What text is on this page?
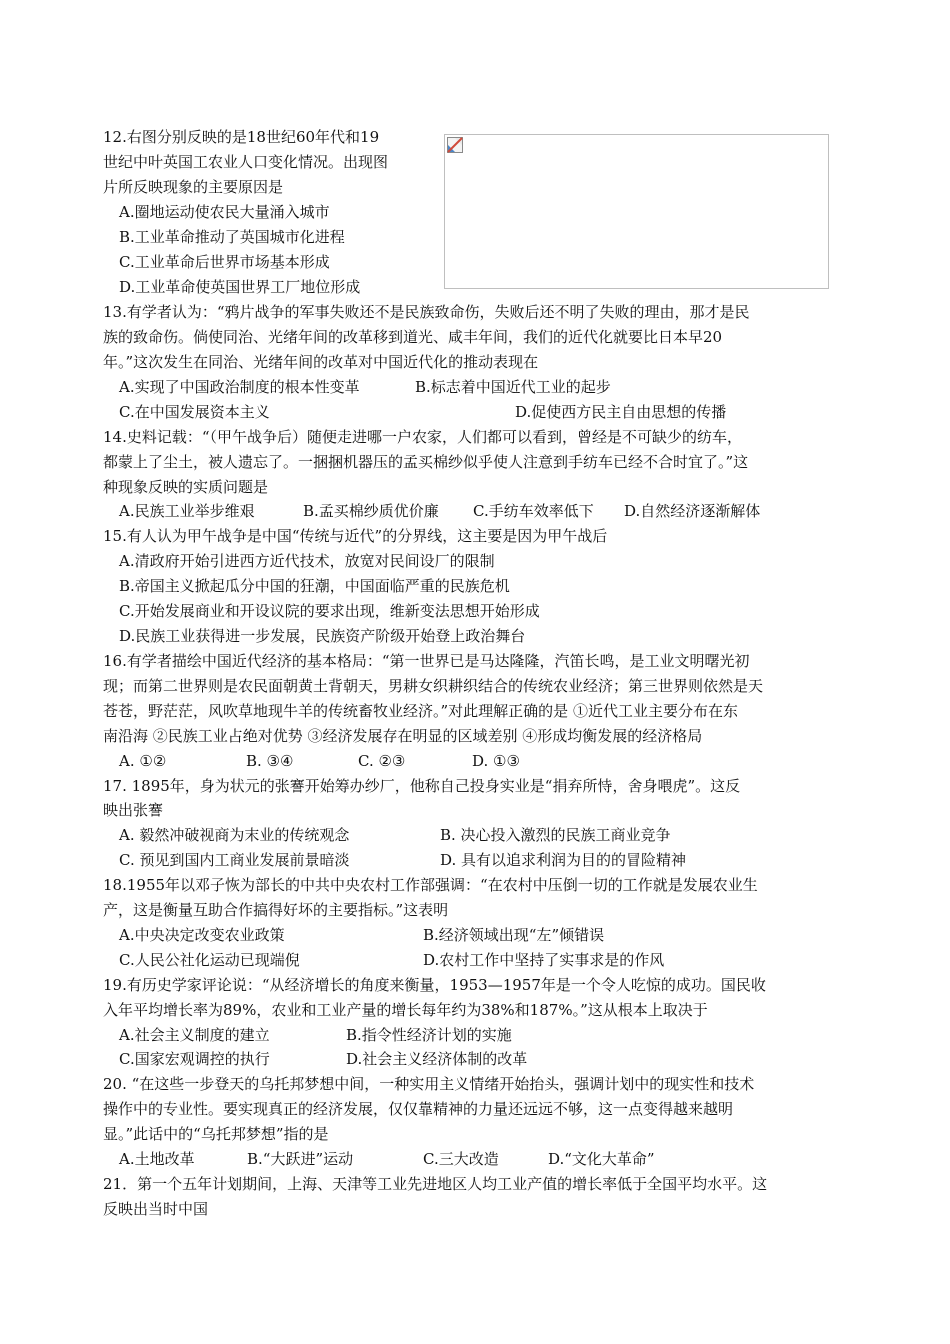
12.右图分别反映的是18世纪60年代和19
世纪中叶英国工农业人口变化情况。出现图
片所反映现象的主要原因是
A.圈地运动使农民大量涌入城市
B.工业革命推动了英国城市化进程
C.工业革命后世界市场基本形成
D.工业革命使英国世界工厂地位形成
13.有学者认为：“鸦片战争的军事失败还不是民族致命伤，失败后还不明了失败的理由，那才是民
族的致命伤。倘使同治、光绪年间的改革移到道光、咸丰年间，我们的近代化就要比日本早20
年。”这次发生在同治、光绪年间的改革对中国近代化的推动表现在
A.实现了中国政治制度的根本性变革	B.标志着中国近代工业的起步
C.在中国发展资本主义	D.促使西方民主自由思想的传播
14.史料记载：“（甲午战争后）随便走进哪一户农家，人们都可以看到，曾经是不可缺少的纺车，
都蒙上了尘土，被人遗忘了。一捆捆机器压的孟买棉纱似乎使人注意到手纺车已经不合时宜了。”这
种现象反映的实质问题是
A.民族工业举步维艰	B.孟买棉纱质优价廉 C.手纺车效率低下 D.自然经济逐渐解体
15.有人认为甲午战争是中国“传统与近代”的分界线，这主要是因为甲午战后
A.清政府开始引进西方近代技术，放宽对民间设厂的限制
B.帝国主义掀起瓜分中国的狂潮，中国面临严重的民族危机
C.开始发展商业和开设议院的要求出现，维新变法思想开始形成
D.民族工业获得进一步发展，民族资产阶级开始登上政治舞台
16.有学者描绘中国近代经济的基本格局：“第一世界已是马达隆隆，汽笛长鸣，是工业文明曙光初
现；而第二世界则是农民面朝黄土背朝天，男耕女织耕织结合的传统农业经济；第三世界则依然是天
苍苍，野茫茫，风吹草地现牛羊的传统畜牧业经济。”对此理解正确的是 ①近代工业主要分布在东
南沿海 ②民族工业占绝对优势 ③经济发展存在明显的区域差别 ④形成均衡发展的经济格局
A. ①②	B. ③④	C. ②③	D. ①③
17. 1895年，身为状元的张謇开始筹办纱厂，他称自己投身实业是“捐弃所恃，舍身喂虎”。这反
映出张謇
A. 毅然冲破视商为末业的传统观念	B. 决心投入激烈的民族工商业竞争
C. 预见到国内工商业发展前景暗淡	D. 具有以追求利润为目的的冒险精神
18.1955年以邓子恢为部长的中共中央农村工作部强调：“在农村中压倒一切的工作就是发展农业生
产，这是衡量互助合作搞得好坏的主要指标。”这表明
A.中央决定改变农业政策	B.经济领域出现“左”倾错误
C.人民公社化运动已现端倪	D.农村工作中坚持了实事求是的作风
19.有历史学家评论说：“从经济增长的角度来衡量，1953—1957年是一个令人吃惊的成功。国民收
入年平均增长率为89%，农业和工业产量的增长每年约为38%和187%。”这从根本上取决于
A.社会主义制度的建立	B.指令性经济计划的实施
C.国家宏观调控的执行	D.社会主义经济体制的改革
20. “在这些一步登天的乌托邦梦想中间，一种实用主义情绪开始抬头，强调计划中的现实性和技术
操作中的专业性。要实现真正的经济发展，仅仅靠精神的力量还远远不够，这一点变得越来越明
显。”此话中的“乌托邦梦想”指的是
A.土地改革	B.“大跃进”运动	C.三大改造	D.“文化大革命”
21．第一个五年计划期间，上海、天津等工业先进地区人均工业产值的增长率低于全国平均水平。这
反映出当时中国
